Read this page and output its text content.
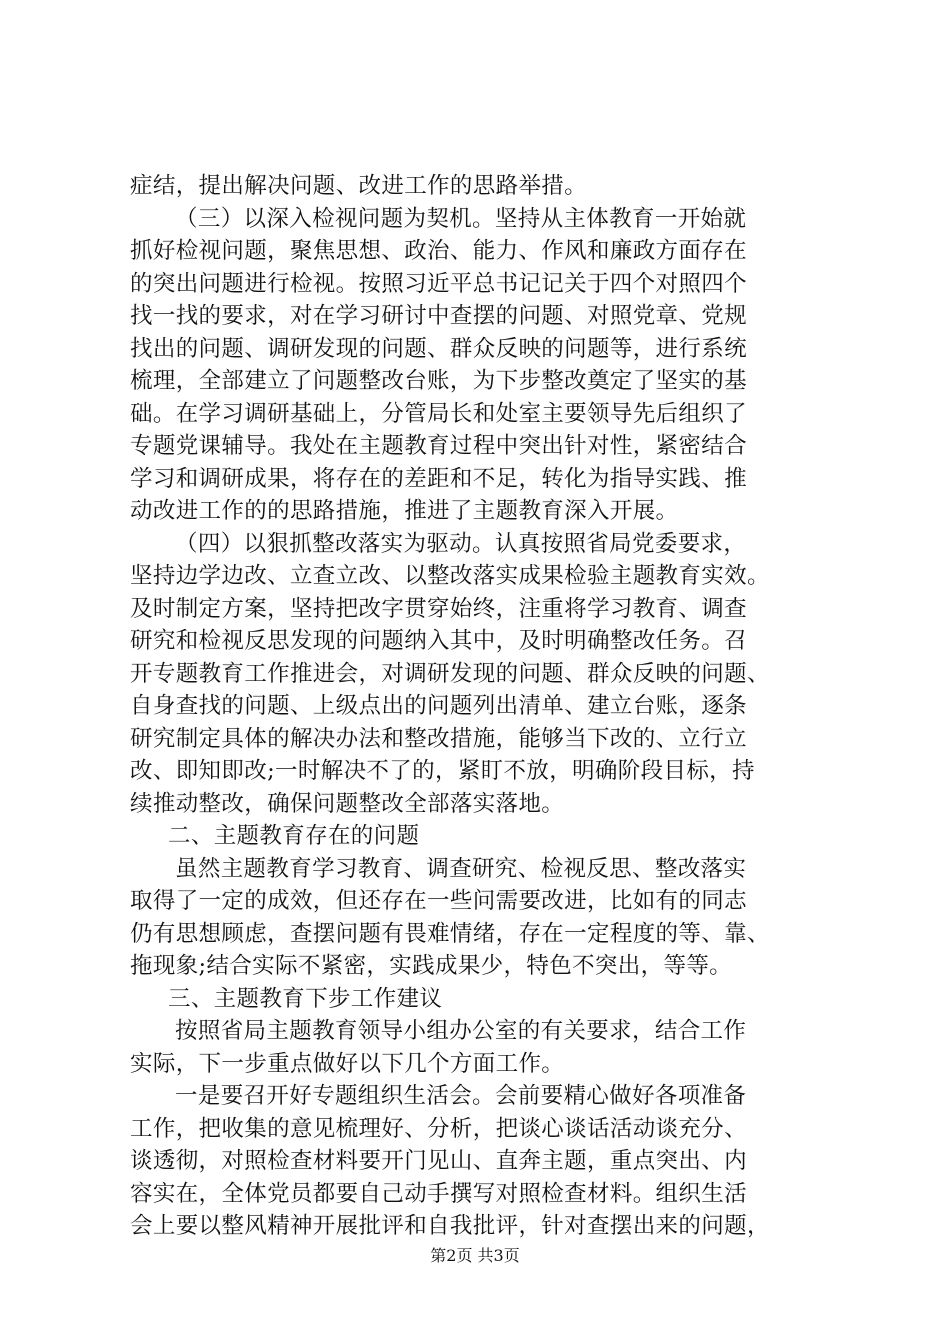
症结，提出解决问题、改进工作的思路举措。
（三）以深入检视问题为契机。坚持从主体教育一开始就
抓好检视问题，聚焦思想、政治、能力、作风和廉政方面存在
的突出问题进行检视。按照习近平总书记记关于四个对照四个
找一找的要求，对在学习研讨中查摆的问题、对照党章、党规
找出的问题、调研发现的问题、群众反映的问题等，进行系统
梳理，全部建立了问题整改台账，为下步整改奠定了坚实的基
础。在学习调研基础上，分管局长和处室主要领导先后组织了
专题党课辅导。我处在主题教育过程中突出针对性，紧密结合
学习和调研成果，将存在的差距和不足，转化为指导实践、推
动改进工作的的思路措施，推进了主题教育深入开展。
（四）以狠抓整改落实为驱动。认真按照省局党委要求，
坚持边学边改、立查立改、以整改落实成果检验主题教育实效。
及时制定方案，坚持把改字贯穿始终，注重将学习教育、调查
研究和检视反思发现的问题纳入其中，及时明确整改任务。召
开专题教育工作推进会，对调研发现的问题、群众反映的问题、
自身查找的问题、上级点出的问题列出清单、建立台账，逐条
研究制定具体的解决办法和整改措施，能够当下改的、立行立
改、即知即改;一时解决不了的，紧盯不放，明确阶段目标，持
续推动整改，确保问题整改全部落实落地。
二、主题教育存在的问题
虽然主题教育学习教育、调查研究、检视反思、整改落实
取得了一定的成效，但还存在一些问需要改进，比如有的同志
仍有思想顾虑，查摆问题有畏难情绪，存在一定程度的等、靠、
拖现象;结合实际不紧密，实践成果少，特色不突出，等等。
三、主题教育下步工作建议
按照省局主题教育领导小组办公室的有关要求，结合工作
实际，下一步重点做好以下几个方面工作。
一是要召开好专题组织生活会。会前要精心做好各项准备
工作，把收集的意见梳理好、分析，把谈心谈话活动谈充分、
谈透彻，对照检查材料要开门见山、直奔主题，重点突出、内
容实在，全体党员都要自己动手撰写对照检查材料。组织生活
会上要以整风精神开展批评和自我批评，针对查摆出来的问题，
第2页 共3页
